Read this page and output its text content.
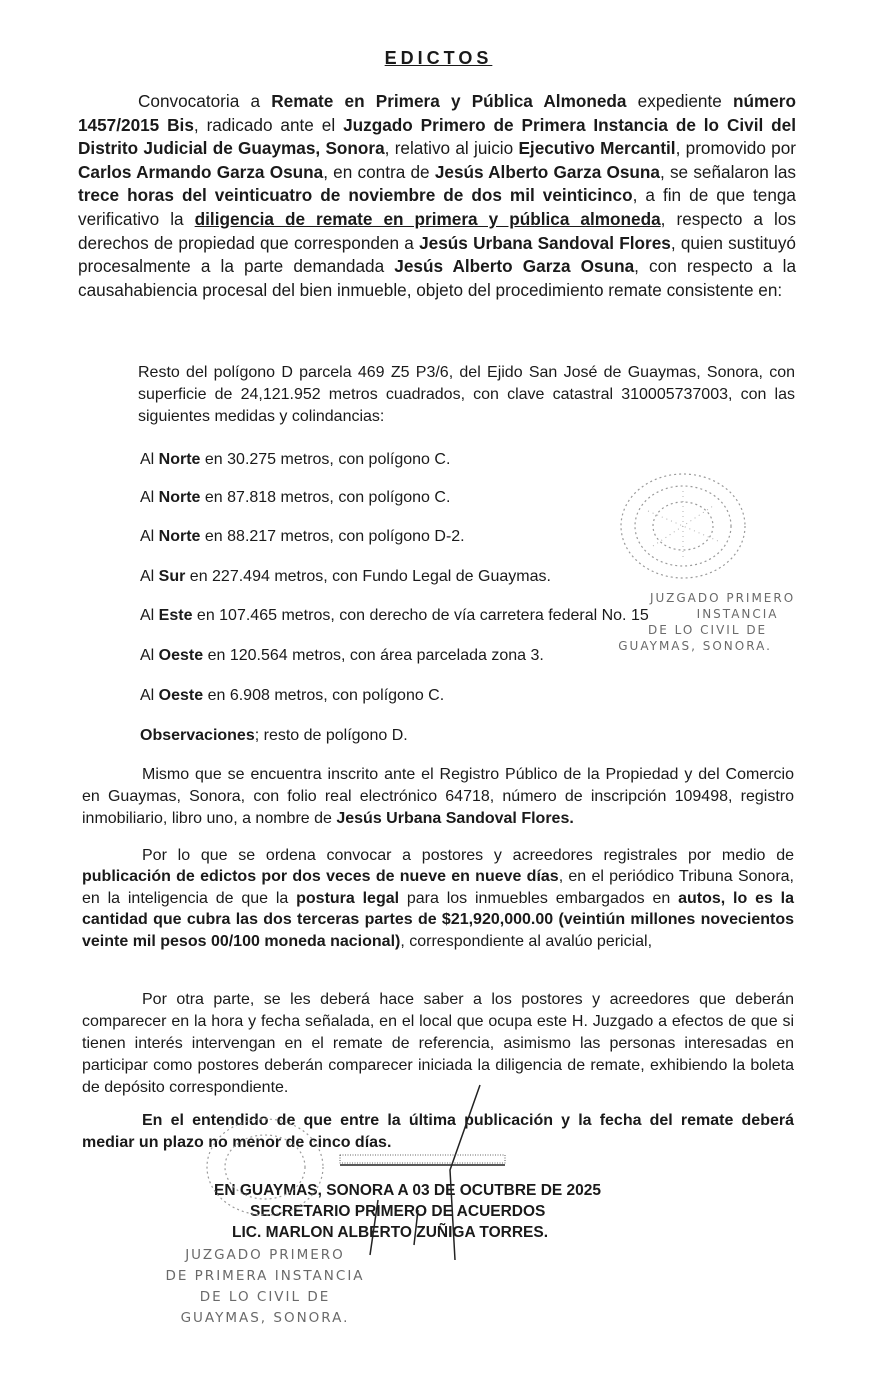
EDICTOS

Convocatoria a Remate en Primera y Pública Almoneda expediente número 1457/2015 Bis, radicado ante el Juzgado Primero de Primera Instancia de lo Civil del Distrito Judicial de Guaymas, Sonora, relativo al juicio Ejecutivo Mercantil, promovido por Carlos Armando Garza Osuna, en contra de Jesús Alberto Garza Osuna, se señalaron las trece horas del veinticuatro de noviembre de dos mil veinticinco, a fin de que tenga verificativo la diligencia de remate en primera y pública almoneda, respecto a los derechos de propiedad que corresponden a Jesús Urbana Sandoval Flores, quien sustituyó procesalmente a la parte demandada Jesús Alberto Garza Osuna, con respecto a la causahabiencia procesal del bien inmueble, objeto del procedimiento remate consistente en:

Resto del polígono D parcela 469 Z5 P3/6, del Ejido San José de Guaymas, Sonora, con superficie de 24,121.952 metros cuadrados, con clave catastral 310005737003, con las siguientes medidas y colindancias:

Al Norte en 30.275 metros, con polígono C.

Al Norte en 87.818 metros, con polígono C.

Al Norte en 88.217 metros, con polígono D-2.

Al Sur en 227.494 metros, con Fundo Legal de Guaymas.

Al Este en 107.465 metros, con derecho de vía carretera federal No. 15

Al Oeste en 120.564 metros, con área parcelada zona 3.

Al Oeste en 6.908 metros, con polígono C.

Observaciones; resto de polígono D.

Mismo que se encuentra inscrito ante el Registro Público de la Propiedad y del Comercio en Guaymas, Sonora, con folio real electrónico 64718, número de inscripción 109498, registro inmobiliario, libro uno, a nombre de Jesús Urbana Sandoval Flores.

Por lo que se ordena convocar a postores y acreedores registrales por medio de publicación de edictos por dos veces de nueve en nueve días, en el periódico Tribuna Sonora, en la inteligencia de que la postura legal para los inmuebles embargados en autos, lo es la cantidad que cubra las dos terceras partes de $21,920,000.00 (veintiún millones novecientos veinte mil pesos 00/100 moneda nacional), correspondiente al avalúo pericial,

Por otra parte, se les deberá hace saber a los postores y acreedores que deberán comparecer en la hora y fecha señalada, en el local que ocupa este H. Juzgado a efectos de que si tienen interés intervengan en el remate de referencia, asimismo las personas interesadas en participar como postores deberán comparecer iniciada la diligencia de remate, exhibiendo la boleta de depósito correspondiente.

En el entendido de que entre la última publicación y la fecha del remate deberá mediar un plazo no menor de cinco días.

EN GUAYMAS, SONORA A 03 DE OCUTBRE DE 2025
SECRETARIO PRIMERO DE ACUERDOS
LIC. MARLON ALBERTO ZUÑIGA TORRES.
JUZGADO PRIMERO
INSTANCIA
DE LO CIVIL DE
GUAYMAS, SONORA.
JUZGADO PRIMERO
DE PRIMERA INSTANCIA
DE LO CIVIL DE
GUAYMAS, SONORA.
